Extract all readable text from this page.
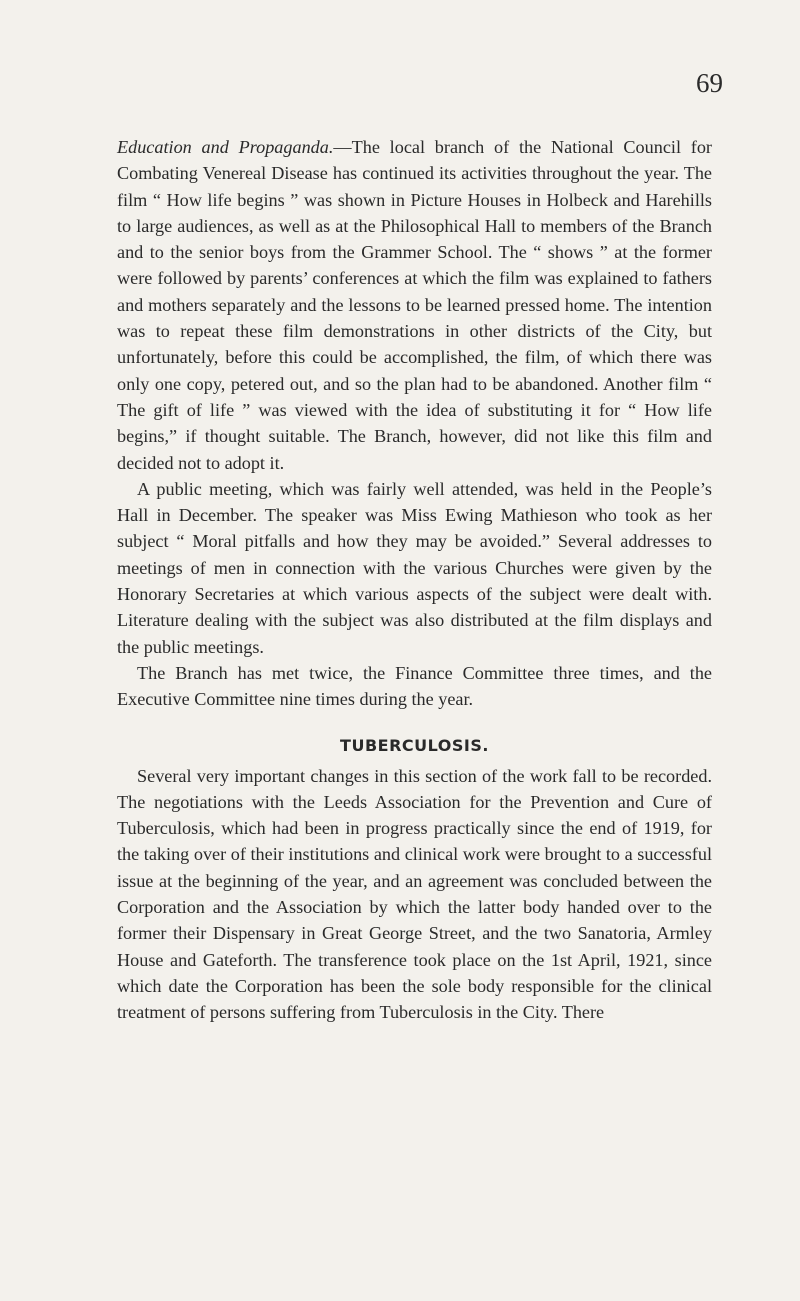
69

Education and Propaganda.—The local branch of the National Council for Combating Venereal Disease has continued its activities throughout the year. The film “ How life begins ” was shown in Picture Houses in Holbeck and Harehills to large audiences, as well as at the Philosophical Hall to members of the Branch and to the senior boys from the Grammer School. The “ shows ” at the former were followed by parents’ conferences at which the film was explained to fathers and mothers separately and the lessons to be learned pressed home. The intention was to repeat these film demonstrations in other districts of the City, but unfortunately, before this could be accomplished, the film, of which there was only one copy, petered out, and so the plan had to be abandoned. Another film “ The gift of life ” was viewed with the idea of substituting it for “ How life begins,” if thought suitable. The Branch, however, did not like this film and decided not to adopt it.

A public meeting, which was fairly well attended, was held in the People’s Hall in December. The speaker was Miss Ewing Mathieson who took as her subject “ Moral pitfalls and how they may be avoided.” Several addresses to meetings of men in connection with the various Churches were given by the Honorary Secretaries at which various aspects of the subject were dealt with. Literature dealing with the subject was also distributed at the film displays and the public meetings.

The Branch has met twice, the Finance Committee three times, and the Executive Committee nine times during the year.

TUBERCULOSIS.

Several very important changes in this section of the work fall to be recorded. The negotiations with the Leeds Association for the Prevention and Cure of Tuberculosis, which had been in progress practically since the end of 1919, for the taking over of their institutions and clinical work were brought to a successful issue at the beginning of the year, and an agreement was concluded between the Corporation and the Association by which the latter body handed over to the former their Dispensary in Great George Street, and the two Sanatoria, Armley House and Gateforth. The transference took place on the 1st April, 1921, since which date the Corporation has been the sole body responsible for the clinical treatment of persons suffering from Tuberculosis in the City. There
